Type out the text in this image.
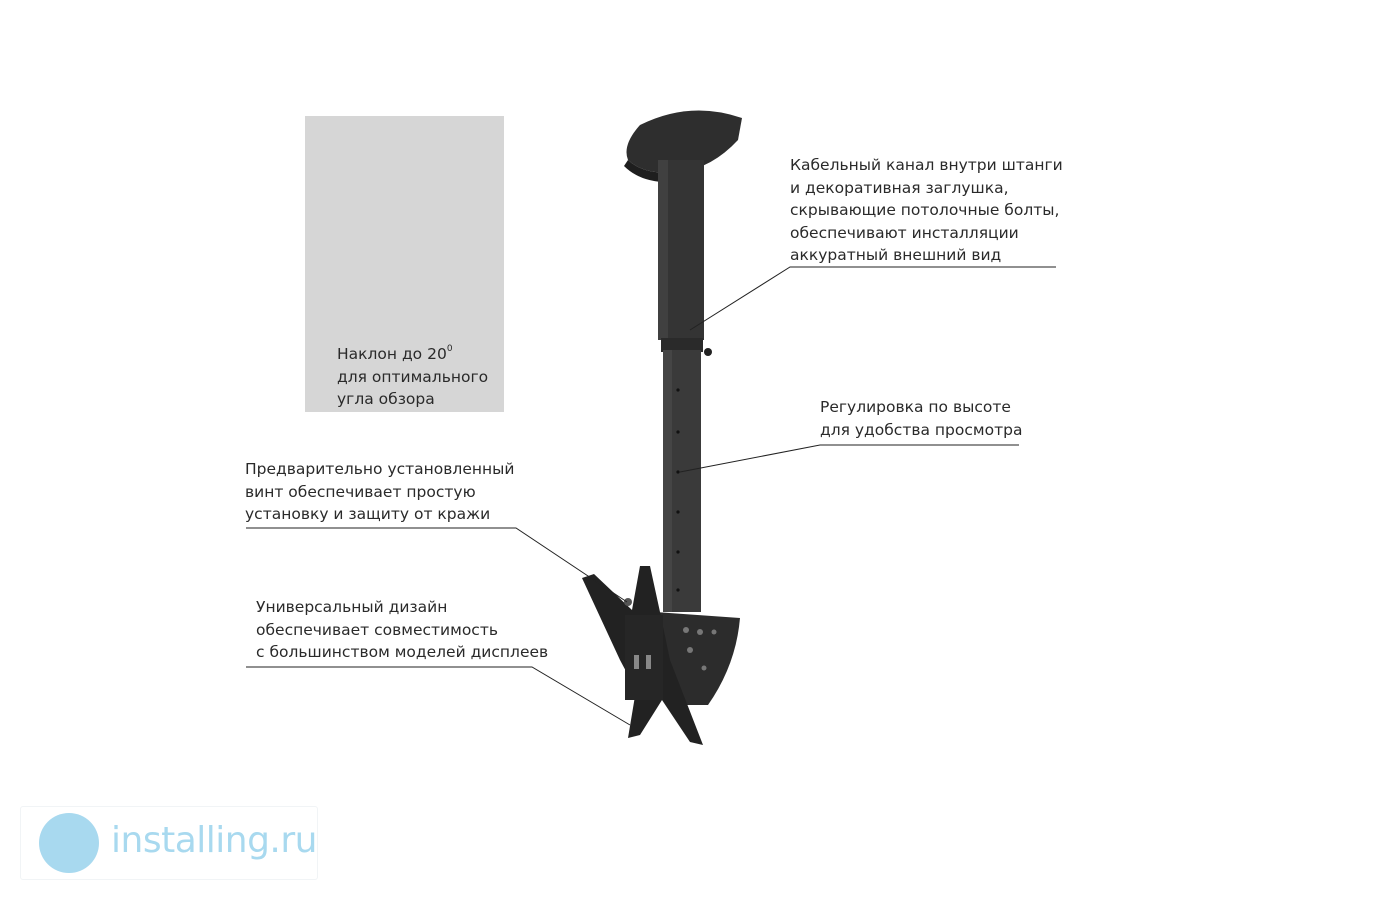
Наклон до $20^0$
для оптимального
угла обзора
Кабельный канал внутри штанги
и декоративная заглушка,
скрывающие потолочные болты,
обеспечивают инсталляции
аккуратный внешний вид
Регулировка по высоте
для удобства просмотра
Предварительно установленный
винт обеспечивает простую
установку и защиту от кражи
Универсальный дизайн
обеспечивает совместимость
с большинством моделей дисплеев
installing.ru
